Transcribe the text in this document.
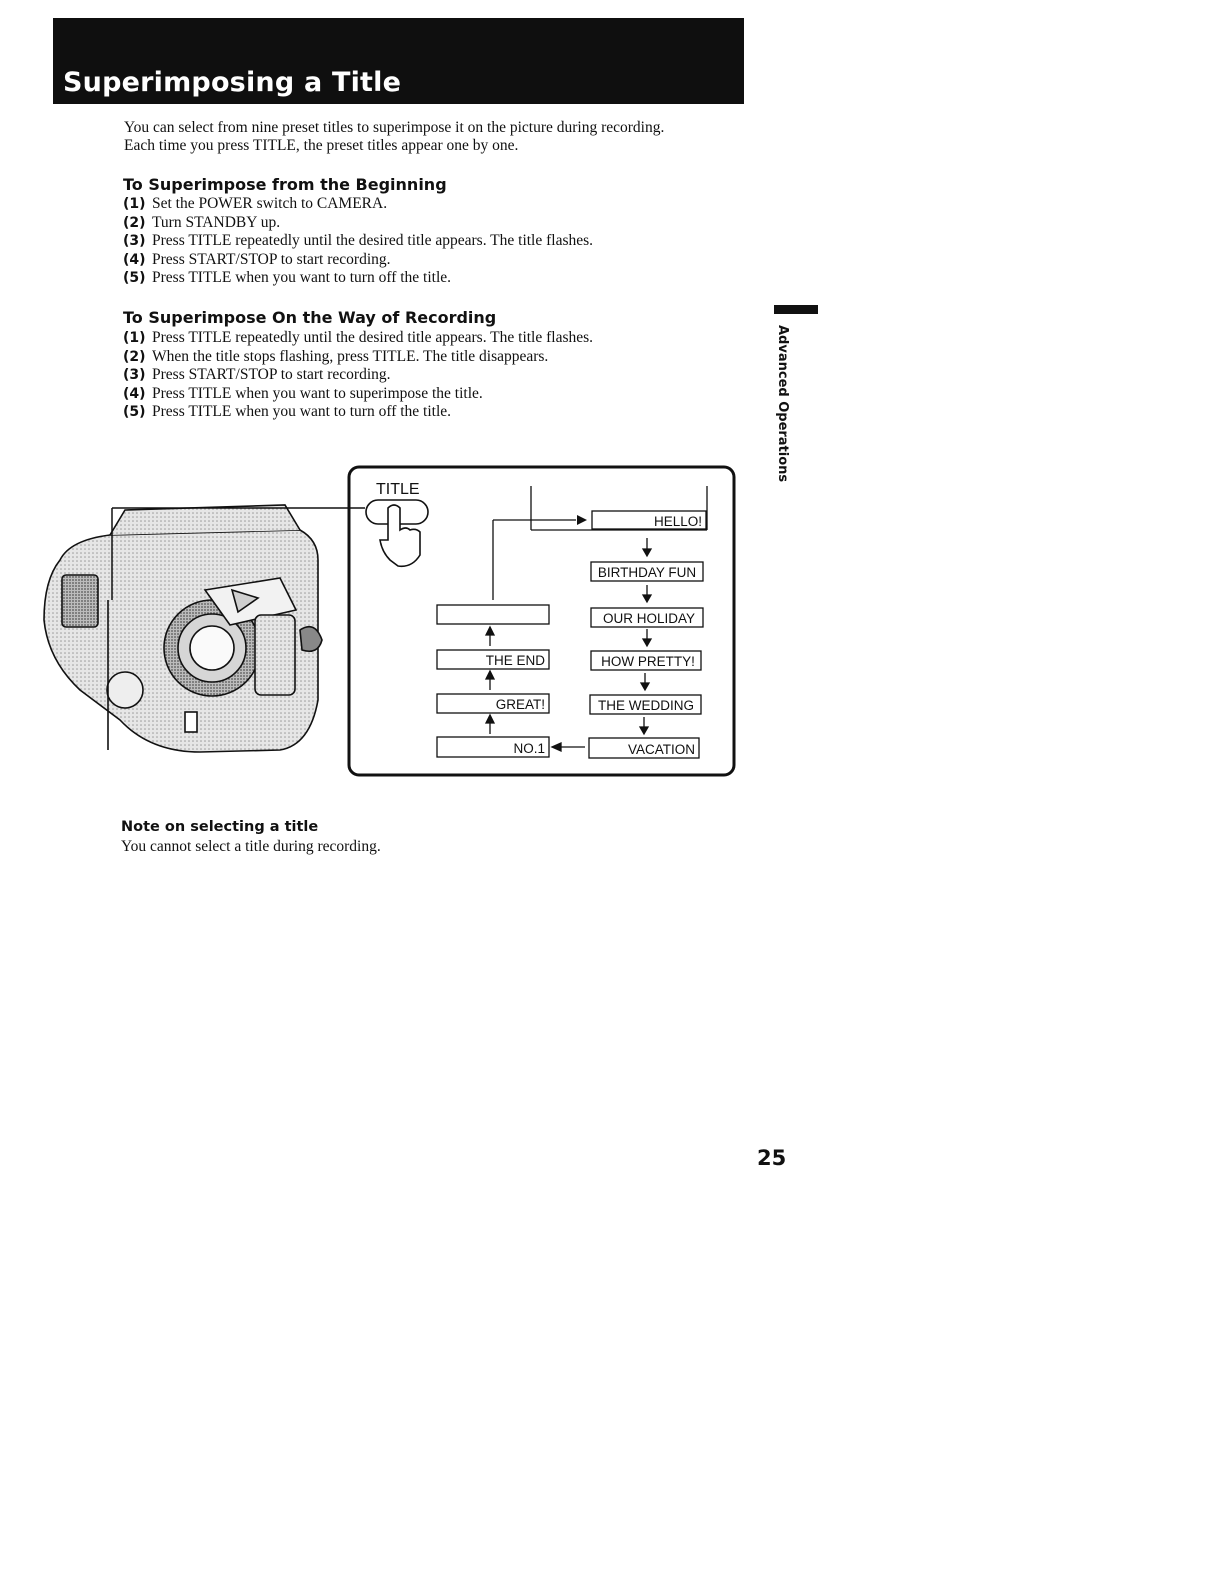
Superimposing a Title
You can select from nine preset titles to superimpose it on the picture during recording.
Each time you press TITLE, the preset titles appear one by one.
To Superimpose from the Beginning
(1) Set the POWER switch to CAMERA.
(2) Turn STANDBY up.
(3) Press TITLE repeatedly until the desired title appears. The title flashes.
(4) Press START/STOP to start recording.
(5) Press TITLE when you want to turn off the title.
To Superimpose On the Way of Recording
(1) Press TITLE repeatedly until the desired title appears. The title flashes.
(2) When the title stops flashing, press TITLE. The title disappears.
(3) Press START/STOP to start recording.
(4) Press TITLE when you want to superimpose the title.
(5) Press TITLE when you want to turn off the title.	Advanced Operations
TITLE
HELLO!
BIRTHDAY FUN
OUR HOLIDAY
HOW PRETTY!
THE WEDDING
VACATION
THE END
GREAT!
NO.1
Note on selecting a title
You cannot select a title during recording.
25
